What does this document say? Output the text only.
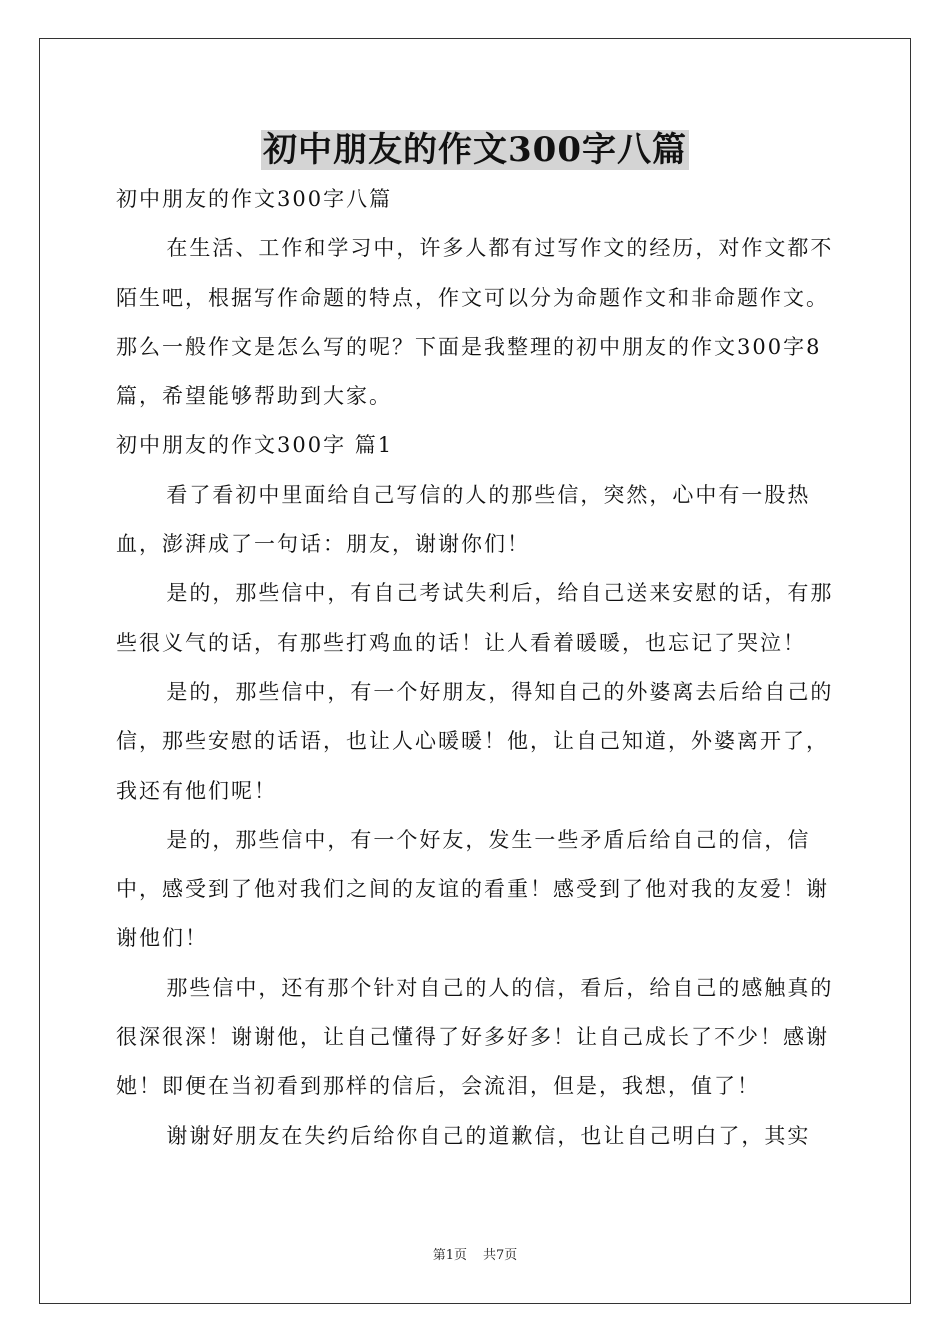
初中朋友的作文300字八篇

初中朋友的作文300字八篇

在生活、工作和学习中，许多人都有过写作文的经历，对作文都不陌生吧，根据写作命题的特点，作文可以分为命题作文和非命题作文。那么一般作文是怎么写的呢？下面是我整理的初中朋友的作文300字8篇，希望能够帮助到大家。

初中朋友的作文300字 篇1

看了看初中里面给自己写信的人的那些信，突然，心中有一股热血，澎湃成了一句话：朋友，谢谢你们！

是的，那些信中，有自己考试失利后，给自己送来安慰的话，有那些很义气的话，有那些打鸡血的话！让人看着暖暖，也忘记了哭泣！

是的，那些信中，有一个好朋友，得知自己的外婆离去后给自己的信，那些安慰的话语，也让人心暖暖！他，让自己知道，外婆离开了，我还有他们呢！

是的，那些信中，有一个好友，发生一些矛盾后给自己的信，信中，感受到了他对我们之间的友谊的看重！感受到了他对我的友爱！谢谢他们！

那些信中，还有那个针对自己的人的信，看后，给自己的感触真的很深很深！谢谢他，让自己懂得了好多好多！让自己成长了不少！感谢她！即便在当初看到那样的信后，会流泪，但是，我想，值了！

谢谢好朋友在失约后给你自己的道歉信，也让自己明白了，其实

第1页 共7页
